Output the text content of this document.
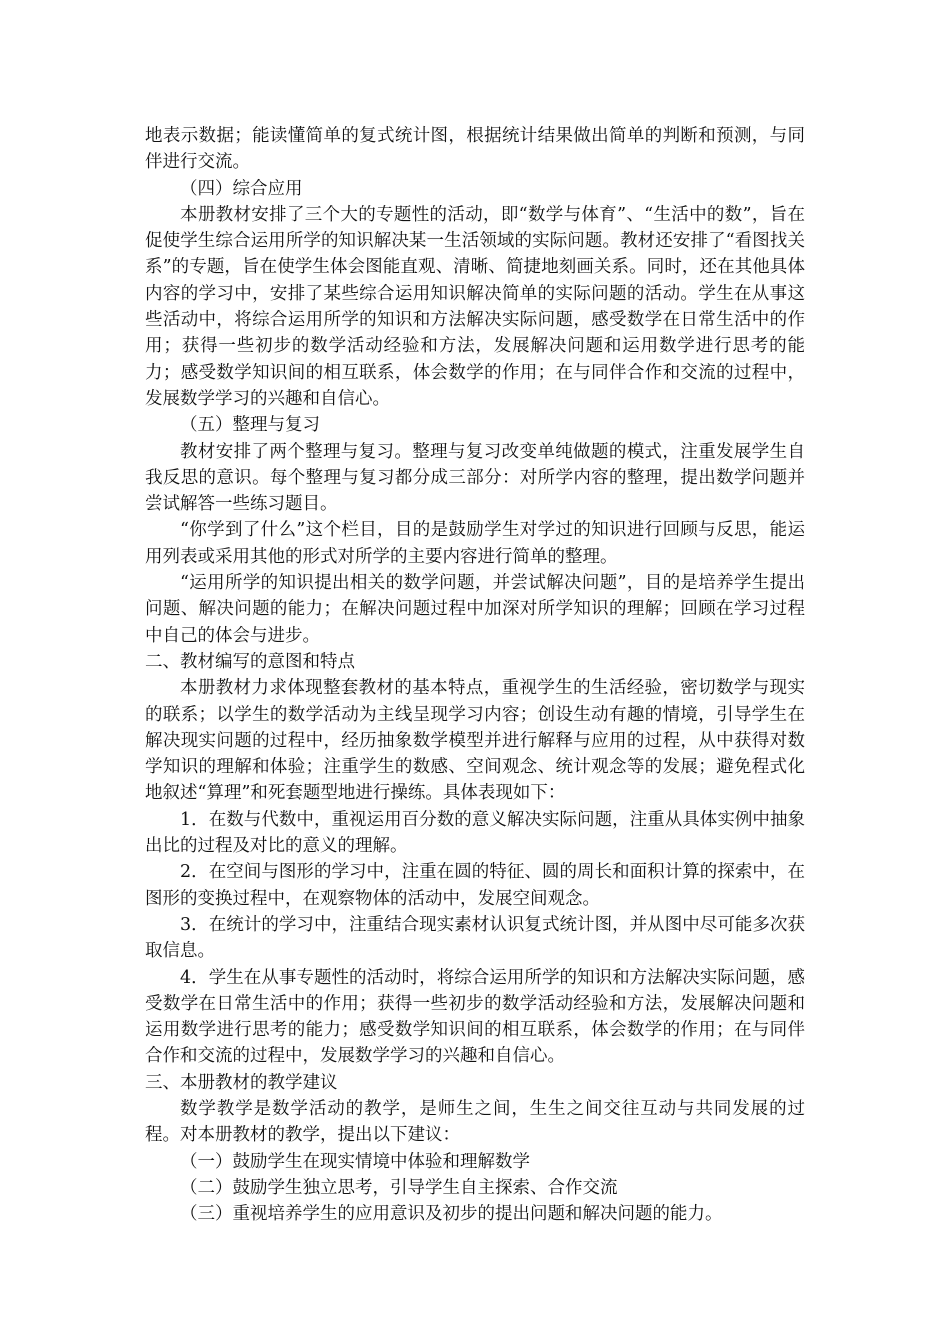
地表示数据；能读懂简单的复式统计图，根据统计结果做出简单的判断和预测，与同伴进行交流。

（四）综合应用

本册教材安排了三个大的专题性的活动，即“数学与体育”、“生活中的数”，旨在促使学生综合运用所学的知识解决某一生活领域的实际问题。教材还安排了“看图找关系”的专题，旨在使学生体会图能直观、清晰、简捷地刻画关系。同时，还在其他具体内容的学习中，安排了某些综合运用知识解决简单的实际问题的活动。学生在从事这些活动中，将综合运用所学的知识和方法解决实际问题，感受数学在日常生活中的作用；获得一些初步的数学活动经验和方法，发展解决问题和运用数学进行思考的能力；感受数学知识间的相互联系，体会数学的作用；在与同伴合作和交流的过程中，发展数学学习的兴趣和自信心。

（五）整理与复习

教材安排了两个整理与复习。整理与复习改变单纯做题的模式，注重发展学生自我反思的意识。每个整理与复习都分成三部分：对所学内容的整理，提出数学问题并尝试解答一些练习题目。

“你学到了什么”这个栏目，目的是鼓励学生对学过的知识进行回顾与反思，能运用列表或采用其他的形式对所学的主要内容进行简单的整理。

“运用所学的知识提出相关的数学问题，并尝试解决问题”，目的是培养学生提出问题、解决问题的能力；在解决问题过程中加深对所学知识的理解；回顾在学习过程中自己的体会与进步。

二、教材编写的意图和特点

本册教材力求体现整套教材的基本特点，重视学生的生活经验，密切数学与现实的联系；以学生的数学活动为主线呈现学习内容；创设生动有趣的情境，引导学生在解决现实问题的过程中，经历抽象数学模型并进行解释与应用的过程，从中获得对数学知识的理解和体验；注重学生的数感、空间观念、统计观念等的发展；避免程式化地叙述“算理”和死套题型地进行操练。具体表现如下：

1．在数与代数中，重视运用百分数的意义解决实际问题，注重从具体实例中抽象出比的过程及对比的意义的理解。

2．在空间与图形的学习中，注重在圆的特征、圆的周长和面积计算的探索中，在图形的变换过程中，在观察物体的活动中，发展空间观念。

3．在统计的学习中，注重结合现实素材认识复式统计图，并从图中尽可能多次获取信息。

4．学生在从事专题性的活动时，将综合运用所学的知识和方法解决实际问题，感受数学在日常生活中的作用；获得一些初步的数学活动经验和方法，发展解决问题和运用数学进行思考的能力；感受数学知识间的相互联系，体会数学的作用；在与同伴合作和交流的过程中，发展数学学习的兴趣和自信心。

三、本册教材的教学建议

数学教学是数学活动的教学，是师生之间，生生之间交往互动与共同发展的过程。对本册教材的教学，提出以下建议：

（一）鼓励学生在现实情境中体验和理解数学

（二）鼓励学生独立思考，引导学生自主探索、合作交流

（三）重视培养学生的应用意识及初步的提出问题和解决问题的能力。
